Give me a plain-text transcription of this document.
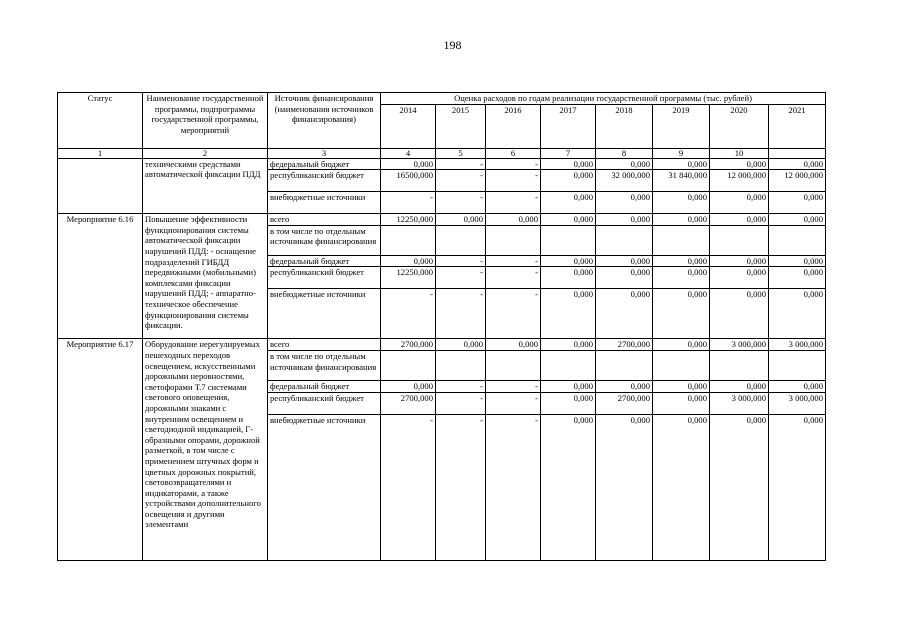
198
Статус	Наименование государственной программы, подпрограммы государственной программы, мероприятий	Источник финансирования (наименования источников финансирования)	Оценка расходов по годам реализации государственной программы (тыс. рублей)							
			2014	2015	2016	2017	2018	2019	2020	2021
1	2	3	4	5	6	7	8	9	10	
	техническими средствами автоматической фиксации ПДД	федеральный бюджет	0,000	-	-	0,000	0,000	0,000	0,000	0,000
		республиканский бюджет	16500,000	-	-	0,000	32 000,000	31 840,000	12 000,000	12 000,000
		внебюджетные источники	-	-	-	0,000	0,000	0,000	0,000	0,000
Мероприятие 6.16	Повышение эффективности функционирования системы автоматической фиксации нарушений ПДД: - оснащение подразделений ГИБДД передвижными (мобильными) комплексами фиксации нарушений ПДД; - аппаратно-техническое обеспечение функционирования системы фиксации.	всего	12250,000	0,000	0,000	0,000	0,000	0,000	0,000	0,000
		в том числе по отдельным источникам финансирования								
		федеральный бюджет	0,000	-	-	0,000	0,000	0,000	0,000	0,000
		республиканский бюджет	12250,000	-	-	0,000	0,000	0,000	0,000	0,000
		внебюджетные источники	-	-	-	0,000	0,000	0,000	0,000	0,000
Мероприятие 6.17	Оборудование нерегулируемых пешеходных переходов освещением, искусственными дорожными неровностями, светофорами Т.7 системами светового оповещения, дорожными знаками с внутренним освещением и светодиодной индикацией, Г-образными опорами, дорожной разметкой, в том числе с применением штучных форм и цветных дорожных покрытий, световозвращателями и индикаторами, а также устройствами дополнительного освещения и другими элементами	всего	2700,000	0,000	0,000	0,000	2700,000	0,000	3 000,000	3 000,000
		в том числе по отдельным источникам финансирования								
		федеральный бюджет	0,000	-	-	0,000	0,000	0,000	0,000	0,000
		республиканский бюджет	2700,000	-	-	0,000	2700,000	0,000	3 000,000	3 000,000
		внебюджетные источники	-	-	-	0,000	0,000	0,000	0,000	0,000
